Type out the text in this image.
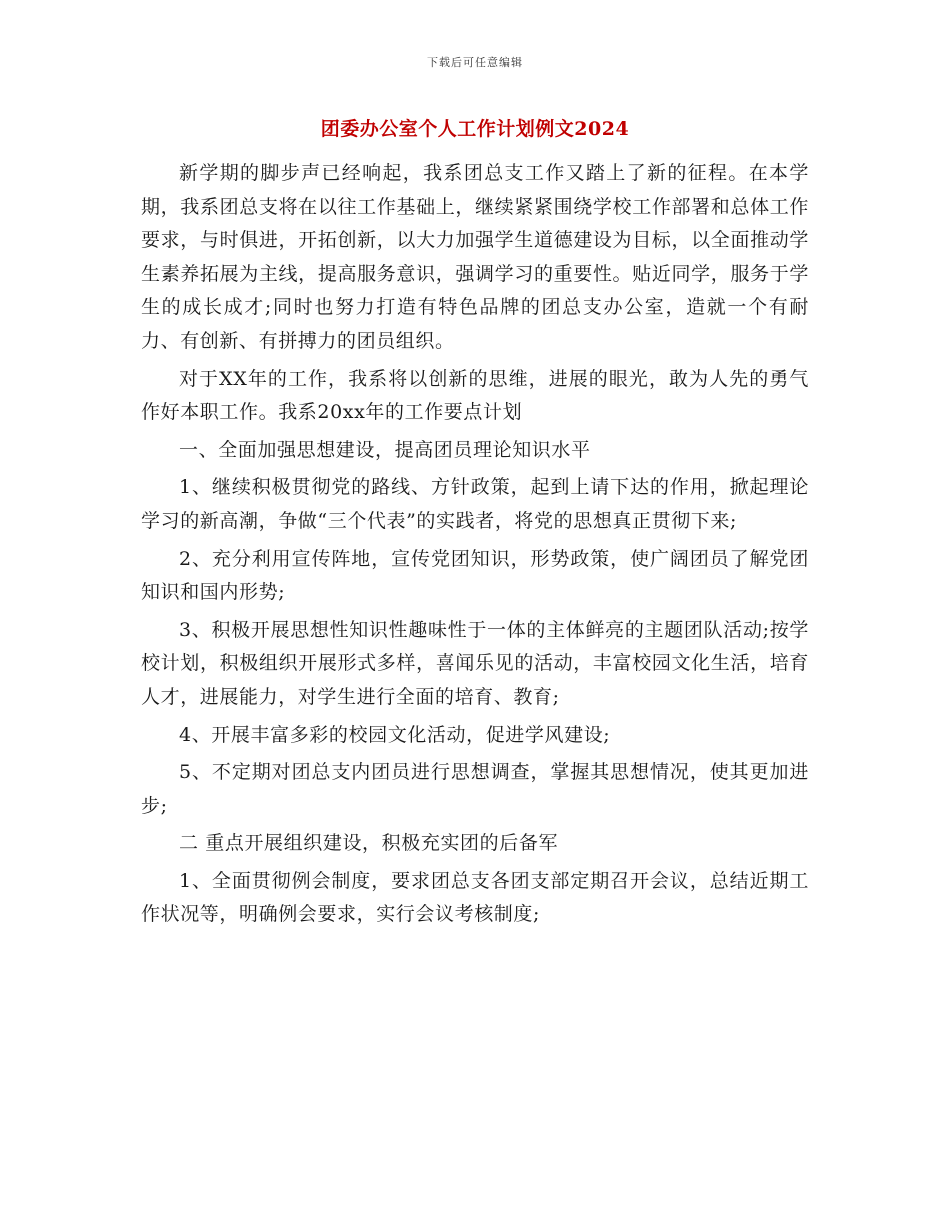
下载后可任意编辑
团委办公室个人工作计划例文2024

新学期的脚步声已经响起，我系团总支工作又踏上了新的征程。在本学期，我系团总支将在以往工作基础上，继续紧紧围绕学校工作部署和总体工作要求，与时俱进，开拓创新，以大力加强学生道德建设为目标，以全面推动学生素养拓展为主线，提高服务意识，强调学习的重要性。贴近同学，服务于学生的成长成才;同时也努力打造有特色品牌的团总支办公室，造就一个有耐力、有创新、有拼搏力的团员组织。

对于XX年的工作，我系将以创新的思维，进展的眼光，敢为人先的勇气作好本职工作。我系20xx年的工作要点计划

一、全面加强思想建设，提高团员理论知识水平

1、继续积极贯彻党的路线、方针政策，起到上请下达的作用，掀起理论学习的新高潮，争做“三个代表”的实践者，将党的思想真正贯彻下来;

2、充分利用宣传阵地，宣传党团知识，形势政策，使广阔团员了解党团知识和国内形势;

3、积极开展思想性知识性趣味性于一体的主体鲜亮的主题团队活动;按学校计划，积极组织开展形式多样，喜闻乐见的活动，丰富校园文化生活，培育人才，进展能力，对学生进行全面的培育、教育;

4、开展丰富多彩的校园文化活动，促进学风建设;

5、不定期对团总支内团员进行思想调查，掌握其思想情况，使其更加进步;

二 重点开展组织建设，积极充实团的后备军

1、全面贯彻例会制度，要求团总支各团支部定期召开会议，总结近期工作状况等，明确例会要求，实行会议考核制度;
